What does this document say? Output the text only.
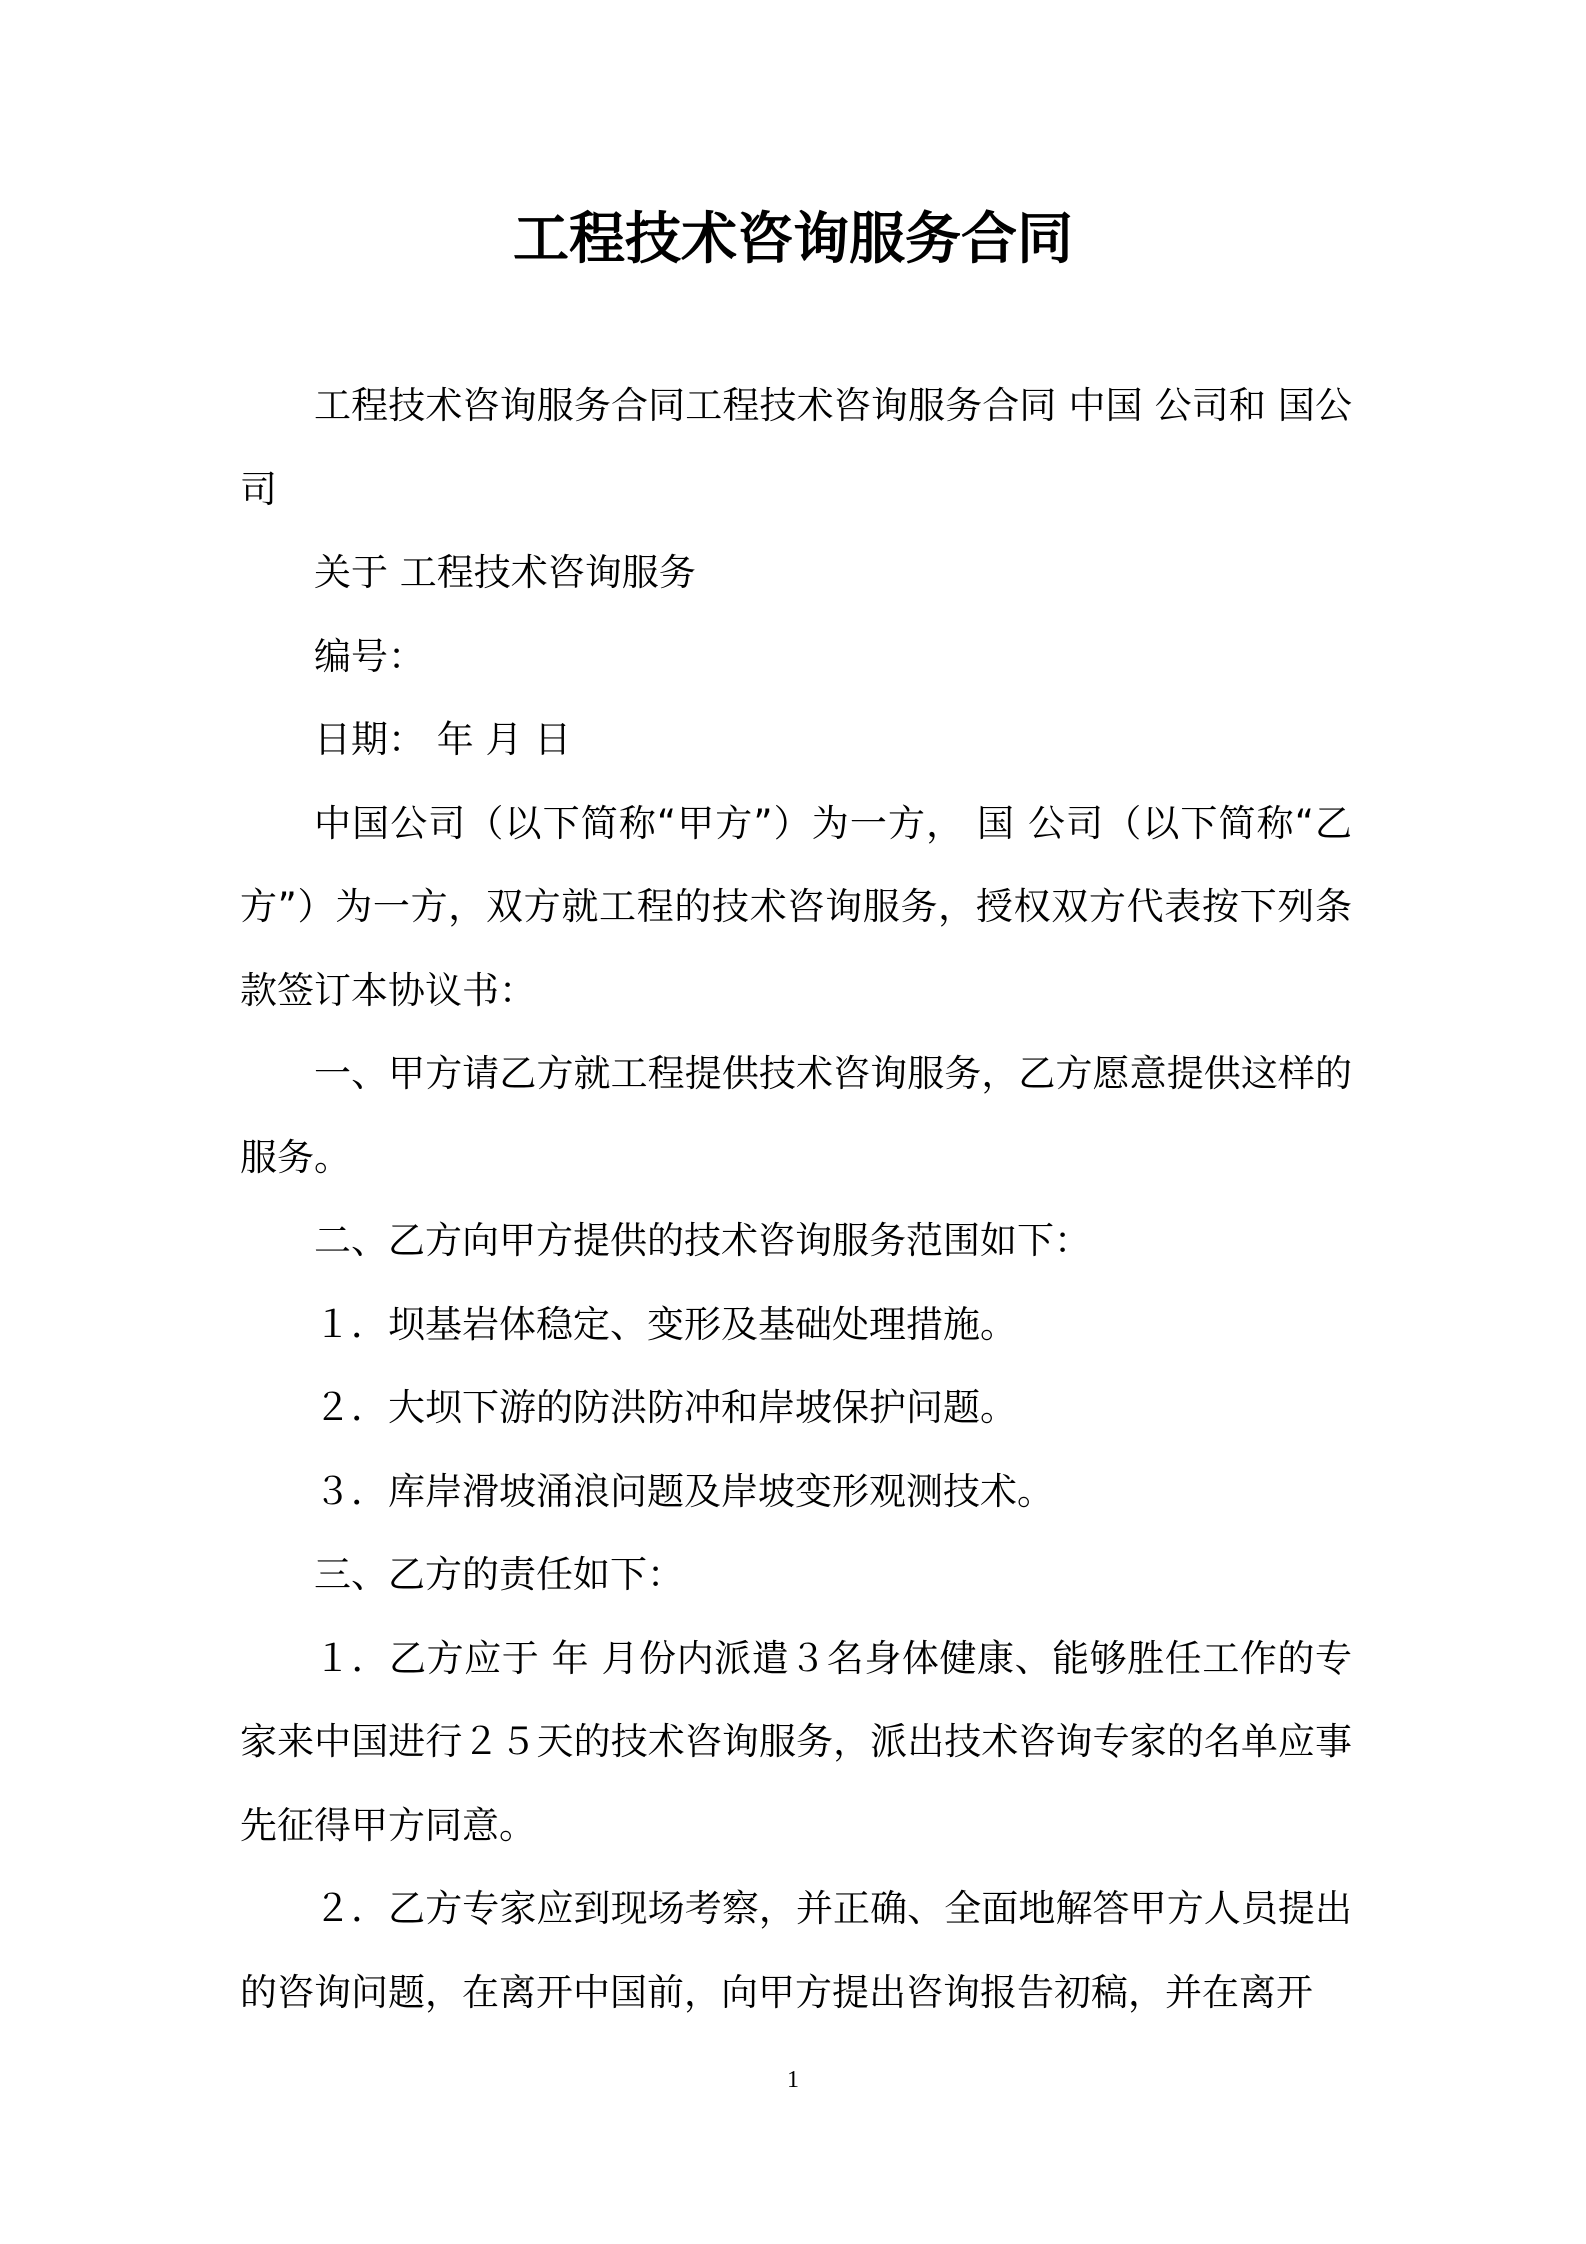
工程技术咨询服务合同

工程技术咨询服务合同工程技术咨询服务合同 中国 公司和 国公司

关于 工程技术咨询服务

编号：

日期： 年 月 日

中国公司（以下简称“甲方”）为一方， 国 公司（以下简称“乙方”）为一方，双方就工程的技术咨询服务，授权双方代表按下列条款签订本协议书：

一、甲方请乙方就工程提供技术咨询服务，乙方愿意提供这样的服务。

二、乙方向甲方提供的技术咨询服务范围如下：

１．坝基岩体稳定、变形及基础处理措施。

２．大坝下游的防洪防冲和岸坡保护问题。

３．库岸滑坡涌浪问题及岸坡变形观测技术。

三、乙方的责任如下：

１．乙方应于 年 月份内派遣３名身体健康、能够胜任工作的专家来中国进行２５天的技术咨询服务，派出技术咨询专家的名单应事先征得甲方同意。

２．乙方专家应到现场考察，并正确、全面地解答甲方人员提出的咨询问题，在离开中国前，向甲方提出咨询报告初稿，并在离开

1
